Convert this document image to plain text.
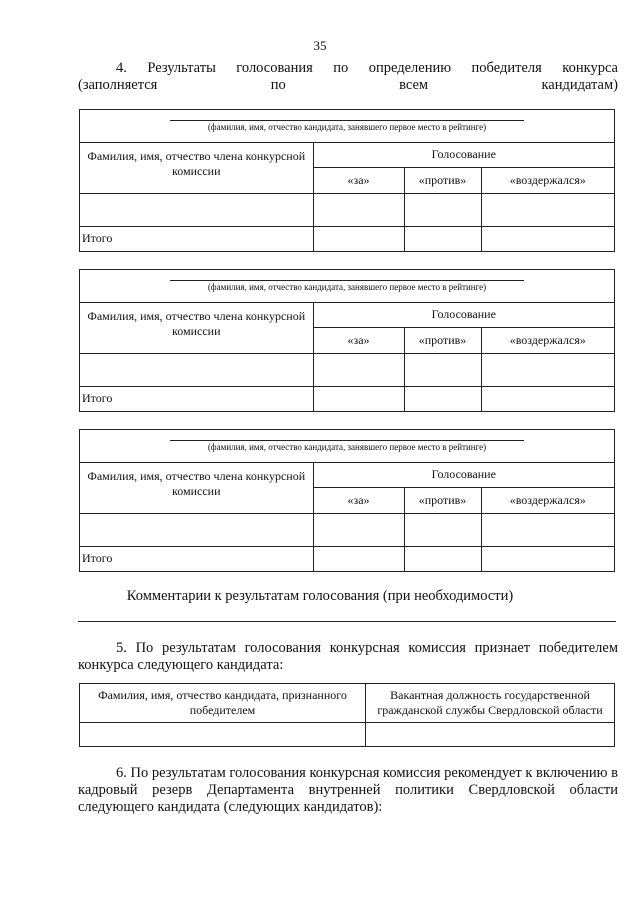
35
4. Результаты голосования по определению победителя конкурса
(заполняется по всем кандидатам)
(фамилия, имя, отчество кандидата, занявшего первое место в рейтинге)
Фамилия, имя, отчество члена конкурсной комиссии	Голосование		
	«за»	«против»	«воздержался»

Итого			
(фамилия, имя, отчество кандидата, занявшего первое место в рейтинге)
Фамилия, имя, отчество члена конкурсной комиссии	Голосование		
	«за»	«против»	«воздержался»

Итого			
(фамилия, имя, отчество кандидата, занявшего первое место в рейтинге)
Фамилия, имя, отчество члена конкурсной комиссии	Голосование		
	«за»	«против»	«воздержался»

Итого			
Комментарии к результатам голосования (при необходимости)
5. По результатам голосования конкурсная комиссия признает победителем конкурса следующего кандидата:
Фамилия, имя, отчество кандидата, признанного победителем	Вакантная должность государственной гражданской службы Свердловской области

6. По результатам голосования конкурсная комиссия рекомендует к включению в кадровый резерв Департамента внутренней политики Свердловской области следующего кандидата (следующих кандидатов):
